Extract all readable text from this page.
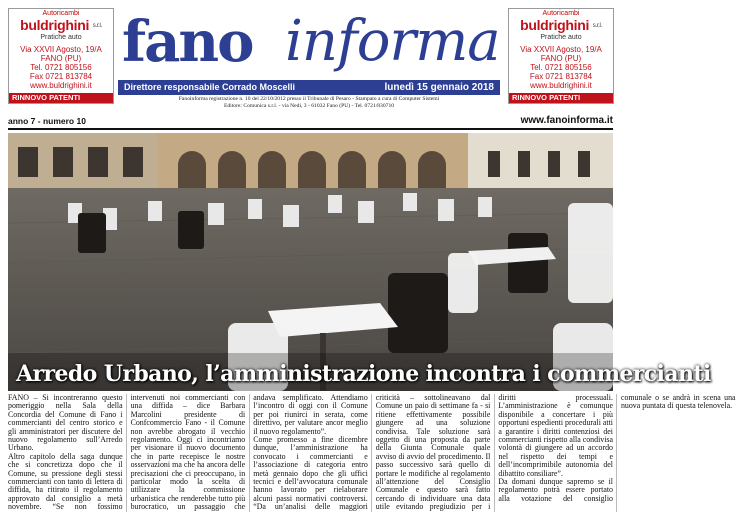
Autoricambi
buldrighini s.r.l.
Pratiche auto
Via XXVII Agosto, 19/A
FANO (PU)
Tel. 0721 805156
Fax 0721 813784
www.buldrighini.it
RINNOVO PATENTI
Autoricambi
buldrighini s.r.l.
Pratiche auto
Via XXVII Agosto, 19/A
FANO (PU)
Tel. 0721 805156
Fax 0721 813784
www.buldrighini.it
RINNOVO PATENTI
fano informa
Direttore responsabile Corrado Moscelli	lunedì 15 gennaio 2018
Fanoinforma registrazione n. 10 del 22/10/2012 presso il Tribunale di Pesaro - Stampato a cura di Computer Sistemi
Editore: Comunica s.r.l. - via Nedi, 3 - 61032 Fano (PU) - Tel. 0721/830710
anno 7 - numero 10	www.fanoinforma.it
Arredo Urbano, l’amministrazione incontra i commercianti

FANO – Si incontreranno questo pomeriggio nella Sala della Concordia del Comune di Fano i commercianti del centro storico e gli amministratori per discutere del nuovo regolamento sull’Arredo Urbano.

Altro capitolo della saga dunque che si concretizza dopo che il Comune, su pressione degli stessi commercianti con tanto di lettera di diffida, ha ritirato il regolamento approvato dal consiglio a metà novembre. “Se non fossimo intervenuti noi commercianti con una diffida – dice Barbara Marcolini presidente di Confcommercio Fano - il Comune non avrebbe abrogato il vecchio regolamento. Oggi ci incontriamo per visionare il nuovo documento che in parte recepisce le nostre osservazioni ma che ha ancora delle precisazioni che ci preoccupano, in particolar modo la scelta di utilizzare la commissione urbanistica che renderebbe tutto più burocratico, un passaggio che andava semplificato. Attendiamo l’incontro di oggi con il Comune per poi riunirci in serata, come direttivo, per valutare ancor meglio il nuovo regolamento”.

Come promesso a fine dicembre dunque, l’amministrazione ha convocato i commercianti e l’associazione di categoria entro metà gennaio dopo che gli uffici tecnici e dell’avvocatura comunale hanno lavorato per rielaborare alcuni passi normativi controversi. “Da un’analisi delle maggiori criticità – sottolineavano dal Comune un paio di settimane fa - si ritiene effettivamente possibile giungere ad una soluzione condivisa. Tale soluzione sarà oggetto di una proposta da parte della Giunta Comunale quale avviso di avvio del procedimento. Il passo successivo sarà quello di portare le modifiche al regolamento all’attenzione del Consiglio Comunale e questo sarà fatto cercando di individuare una data utile evitando pregiudizio per i diritti processuali. L’amministrazione è comunque disponibile a concertare i più opportuni espedienti procedurali atti a garantire i diritti contenziosi dei commercianti rispetto alla condivisa volontà di giungere ad un accordo nel rispetto dei tempi e dell’incomprimibile autonomia del dibattito consiliare”.

Da domani dunque sapremo se il regolamento potrà essere portato alla votazione del consiglio comunale o se andrà in scena una nuova puntata di questa telenovela.
